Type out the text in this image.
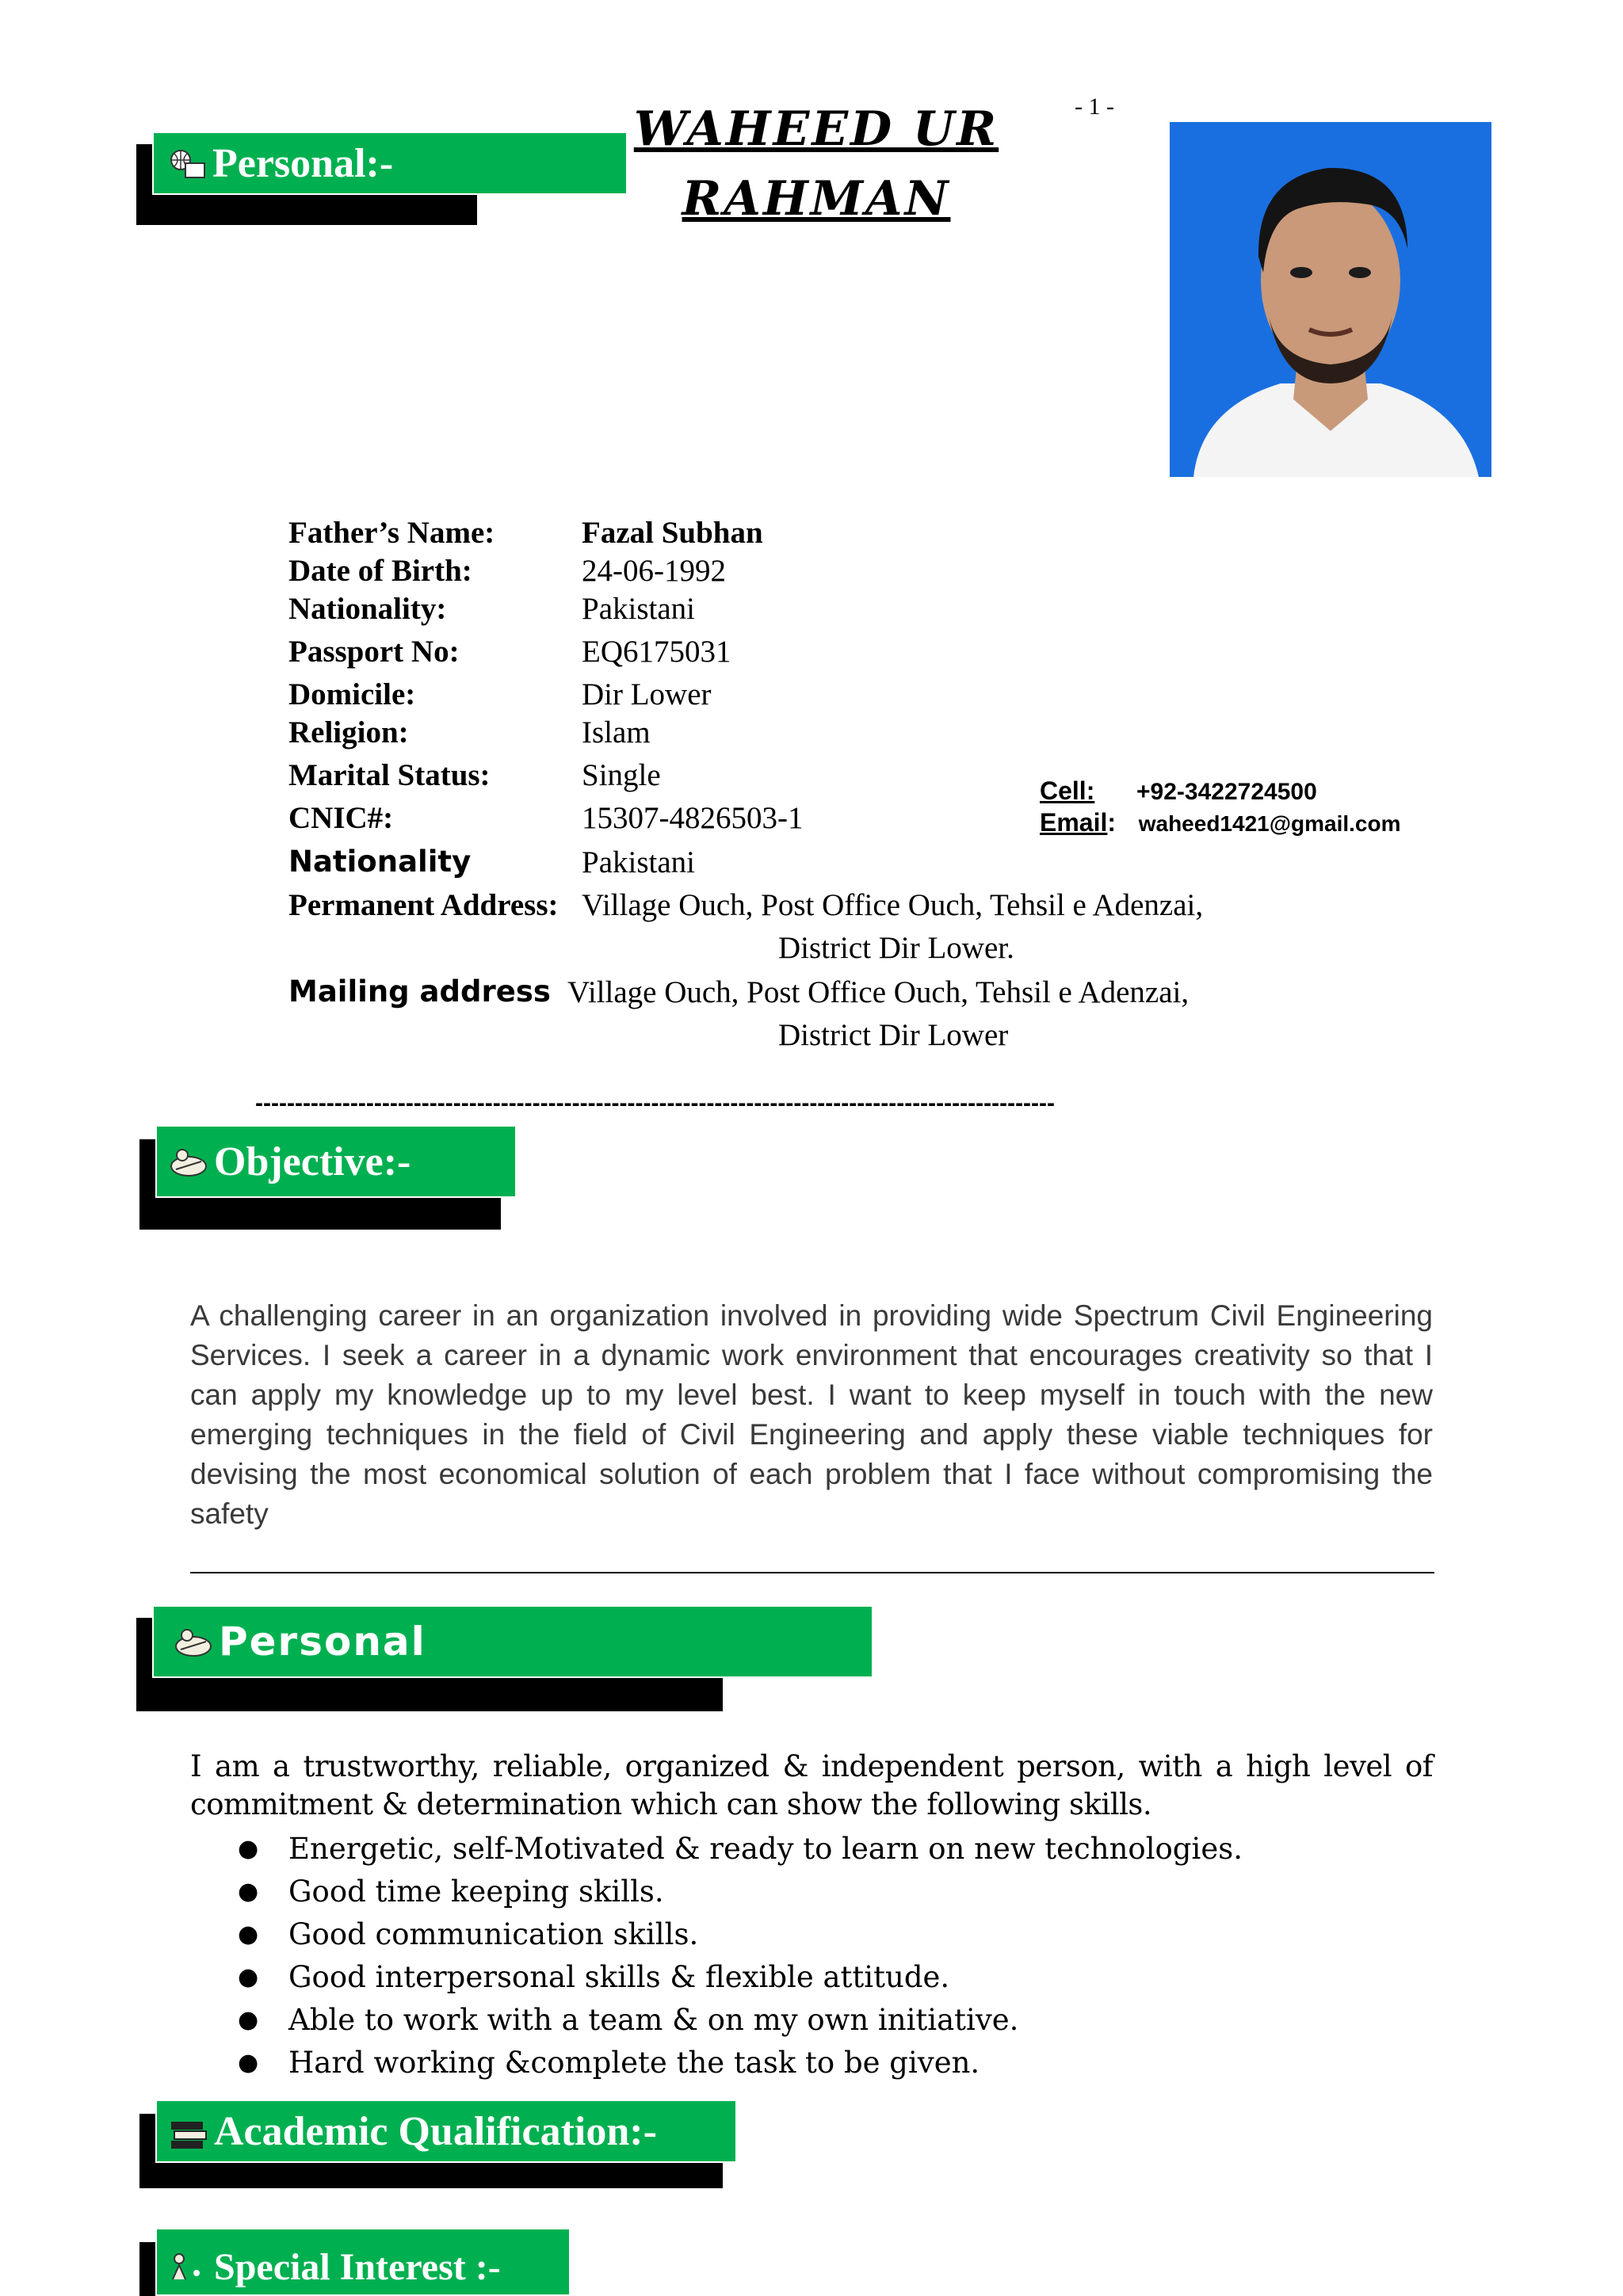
- 1 -
WAHEED UR
RAHMAN
Personal:-
Father’s Name:	Fazal Subhan
Date of Birth:	24-06-1992
Nationality:	Pakistani
Passport No:	EQ6175031
Domicile:	Dir Lower
Religion:	Islam
Marital Status:	Single
CNIC#:	15307-4826503-1
Nationality	Pakistani
Permanent Address: Village Ouch, Post Office Ouch, Tehsil e Adenzai,
District Dir Lower.
Mailing address Village Ouch, Post Office Ouch, Tehsil e Adenzai,
District Dir Lower
Cell: +92-3422724500
Email: waheed1421@gmail.com
-----------------------------------------------------------------------------------------------------
Objective:-
A challenging career in an organization involved in providing wide Spectrum Civil Engineering Services. I seek a career in a dynamic work environment that encourages creativity so that I can apply my knowledge up to my level best. I want to keep myself in touch with the new emerging techniques in the field of Civil Engineering and apply these viable techniques for devising the most economical solution of each problem that I face without compromising the safety
Personal
I am a trustworthy, reliable, organized & independent person, with a high level of commitment & determination which can show the following skills.
●	Energetic, self-Motivated & ready to learn on new technologies.
●	Good time keeping skills.
●	Good communication skills.
●	Good interpersonal skills & flexible attitude.
●	Able to work with a team & on my own initiative.
●	Hard working &complete the task to be given.
Academic Qualification:-
Special Interest :-
